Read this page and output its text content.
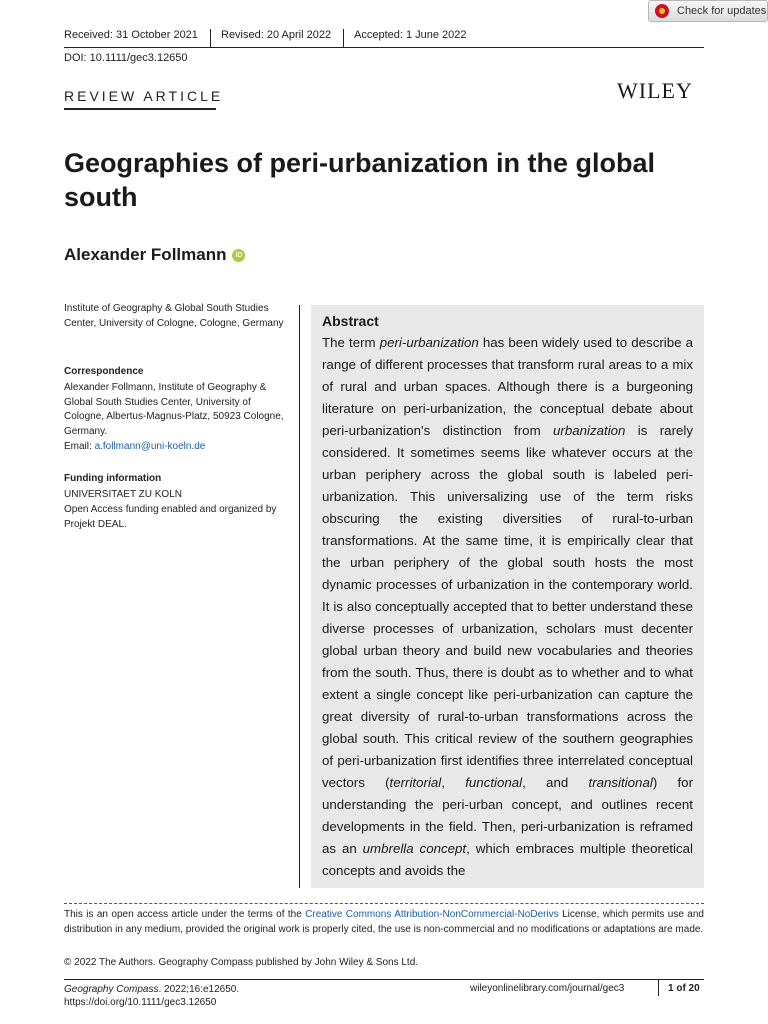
Check for updates
Received: 31 October 2021 Revised: 20 April 2022 Accepted: 1 June 2022
DOI: 10.1111/gec3.12650
REVIEW ARTICLE	WILEY
Geographies of peri-urbanization in the global south
Alexander Follmann	iD
Institute of Geography & Global South Studies Center, University of Cologne, Cologne, Germany
Correspondence
Alexander Follmann, Institute of Geography & Global South Studies Center, University of Cologne, Albertus-Magnus-Platz, 50923 Cologne, Germany.
Email: a.follmann@uni-koeln.de
Funding information
UNIVERSITAET ZU KOLN
Open Access funding enabled and organized by Projekt DEAL.
Abstract
The term peri-urbanization has been widely used to describe a range of different processes that transform rural areas to a mix of rural and urban spaces. Although there is a burgeoning literature on peri-urbanization, the conceptual debate about peri-urbanization's distinction from urbanization is rarely considered. It sometimes seems like whatever occurs at the urban periphery across the global south is labeled peri-urbanization. This universalizing use of the term risks obscuring the existing diversities of rural-to-urban transformations. At the same time, it is empirically clear that the urban periphery of the global south hosts the most dynamic processes of urbanization in the contemporary world. It is also conceptually accepted that to better understand these diverse processes of urbanization, scholars must decenter global urban theory and build new vocabularies and theories from the south. Thus, there is doubt as to whether and to what extent a single concept like peri-urbanization can capture the great diversity of rural-to-urban transformations across the global south. This critical review of the southern geographies of peri-urbanization first identifies three interrelated conceptual vectors (territorial, functional, and transitional) for understanding the peri-urban concept, and outlines recent developments in the field. Then, peri-urbanization is reframed as an umbrella concept, which embraces multiple theoretical concepts and avoids the
This is an open access article under the terms of the Creative Commons Attribution-NonCommercial-NoDerivs License, which permits use and distribution in any medium, provided the original work is properly cited, the use is non-commercial and no modifications or adaptations are made.
© 2022 The Authors. Geography Compass published by John Wiley & Sons Ltd.
Geography Compass. 2022;16:e12650.
https://doi.org/10.1111/gec3.12650
wileyonlinelibrary.com/journal/gec3	1 of 20
